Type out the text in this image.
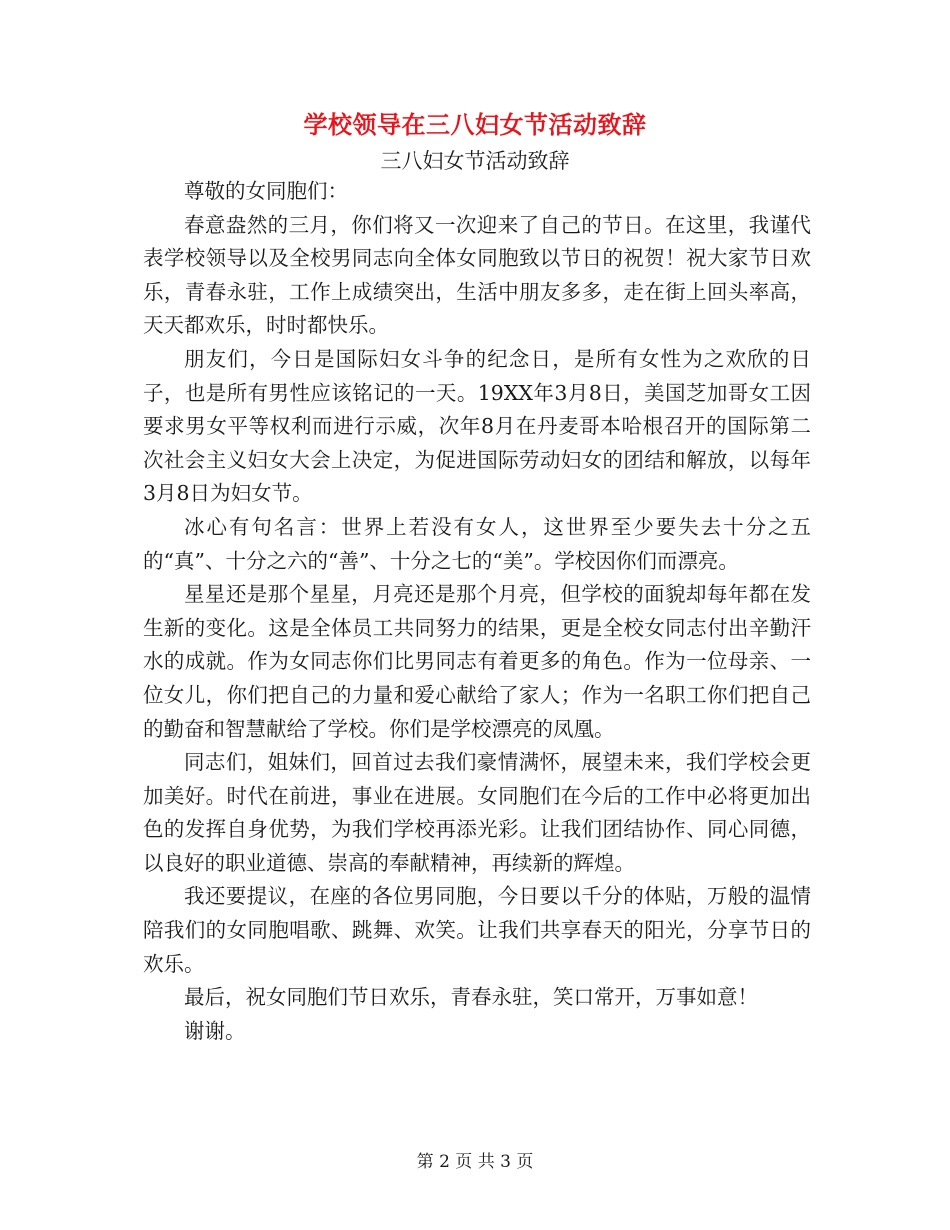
学校领导在三八妇女节活动致辞
三八妇女节活动致辞

尊敬的女同胞们：

春意盎然的三月，你们将又一次迎来了自己的节日。在这里，我谨代表学校领导以及全校男同志向全体女同胞致以节日的祝贺！祝大家节日欢乐，青春永驻，工作上成绩突出，生活中朋友多多，走在街上回头率高，天天都欢乐，时时都快乐。

朋友们，今日是国际妇女斗争的纪念日，是所有女性为之欢欣的日子，也是所有男性应该铭记的一天。19XX年3月8日，美国芝加哥女工因要求男女平等权利而进行示威，次年8月在丹麦哥本哈根召开的国际第二次社会主义妇女大会上决定，为促进国际劳动妇女的团结和解放，以每年3月8日为妇女节。

冰心有句名言：世界上若没有女人，这世界至少要失去十分之五的“真”、十分之六的“善”、十分之七的“美”。学校因你们而漂亮。

星星还是那个星星，月亮还是那个月亮，但学校的面貌却每年都在发生新的变化。这是全体员工共同努力的结果，更是全校女同志付出辛勤汗水的成就。作为女同志你们比男同志有着更多的角色。作为一位母亲、一位女儿，你们把自己的力量和爱心献给了家人；作为一名职工你们把自己的勤奋和智慧献给了学校。你们是学校漂亮的凤凰。

同志们，姐妹们，回首过去我们豪情满怀，展望未来，我们学校会更加美好。时代在前进，事业在进展。女同胞们在今后的工作中必将更加出色的发挥自身优势，为我们学校再添光彩。让我们团结协作、同心同德，以良好的职业道德、崇高的奉献精神，再续新的辉煌。

我还要提议，在座的各位男同胞，今日要以千分的体贴，万般的温情陪我们的女同胞唱歌、跳舞、欢笑。让我们共享春天的阳光，分享节日的欢乐。

最后，祝女同胞们节日欢乐，青春永驻，笑口常开，万事如意！

谢谢。

第 2 页 共 3 页
